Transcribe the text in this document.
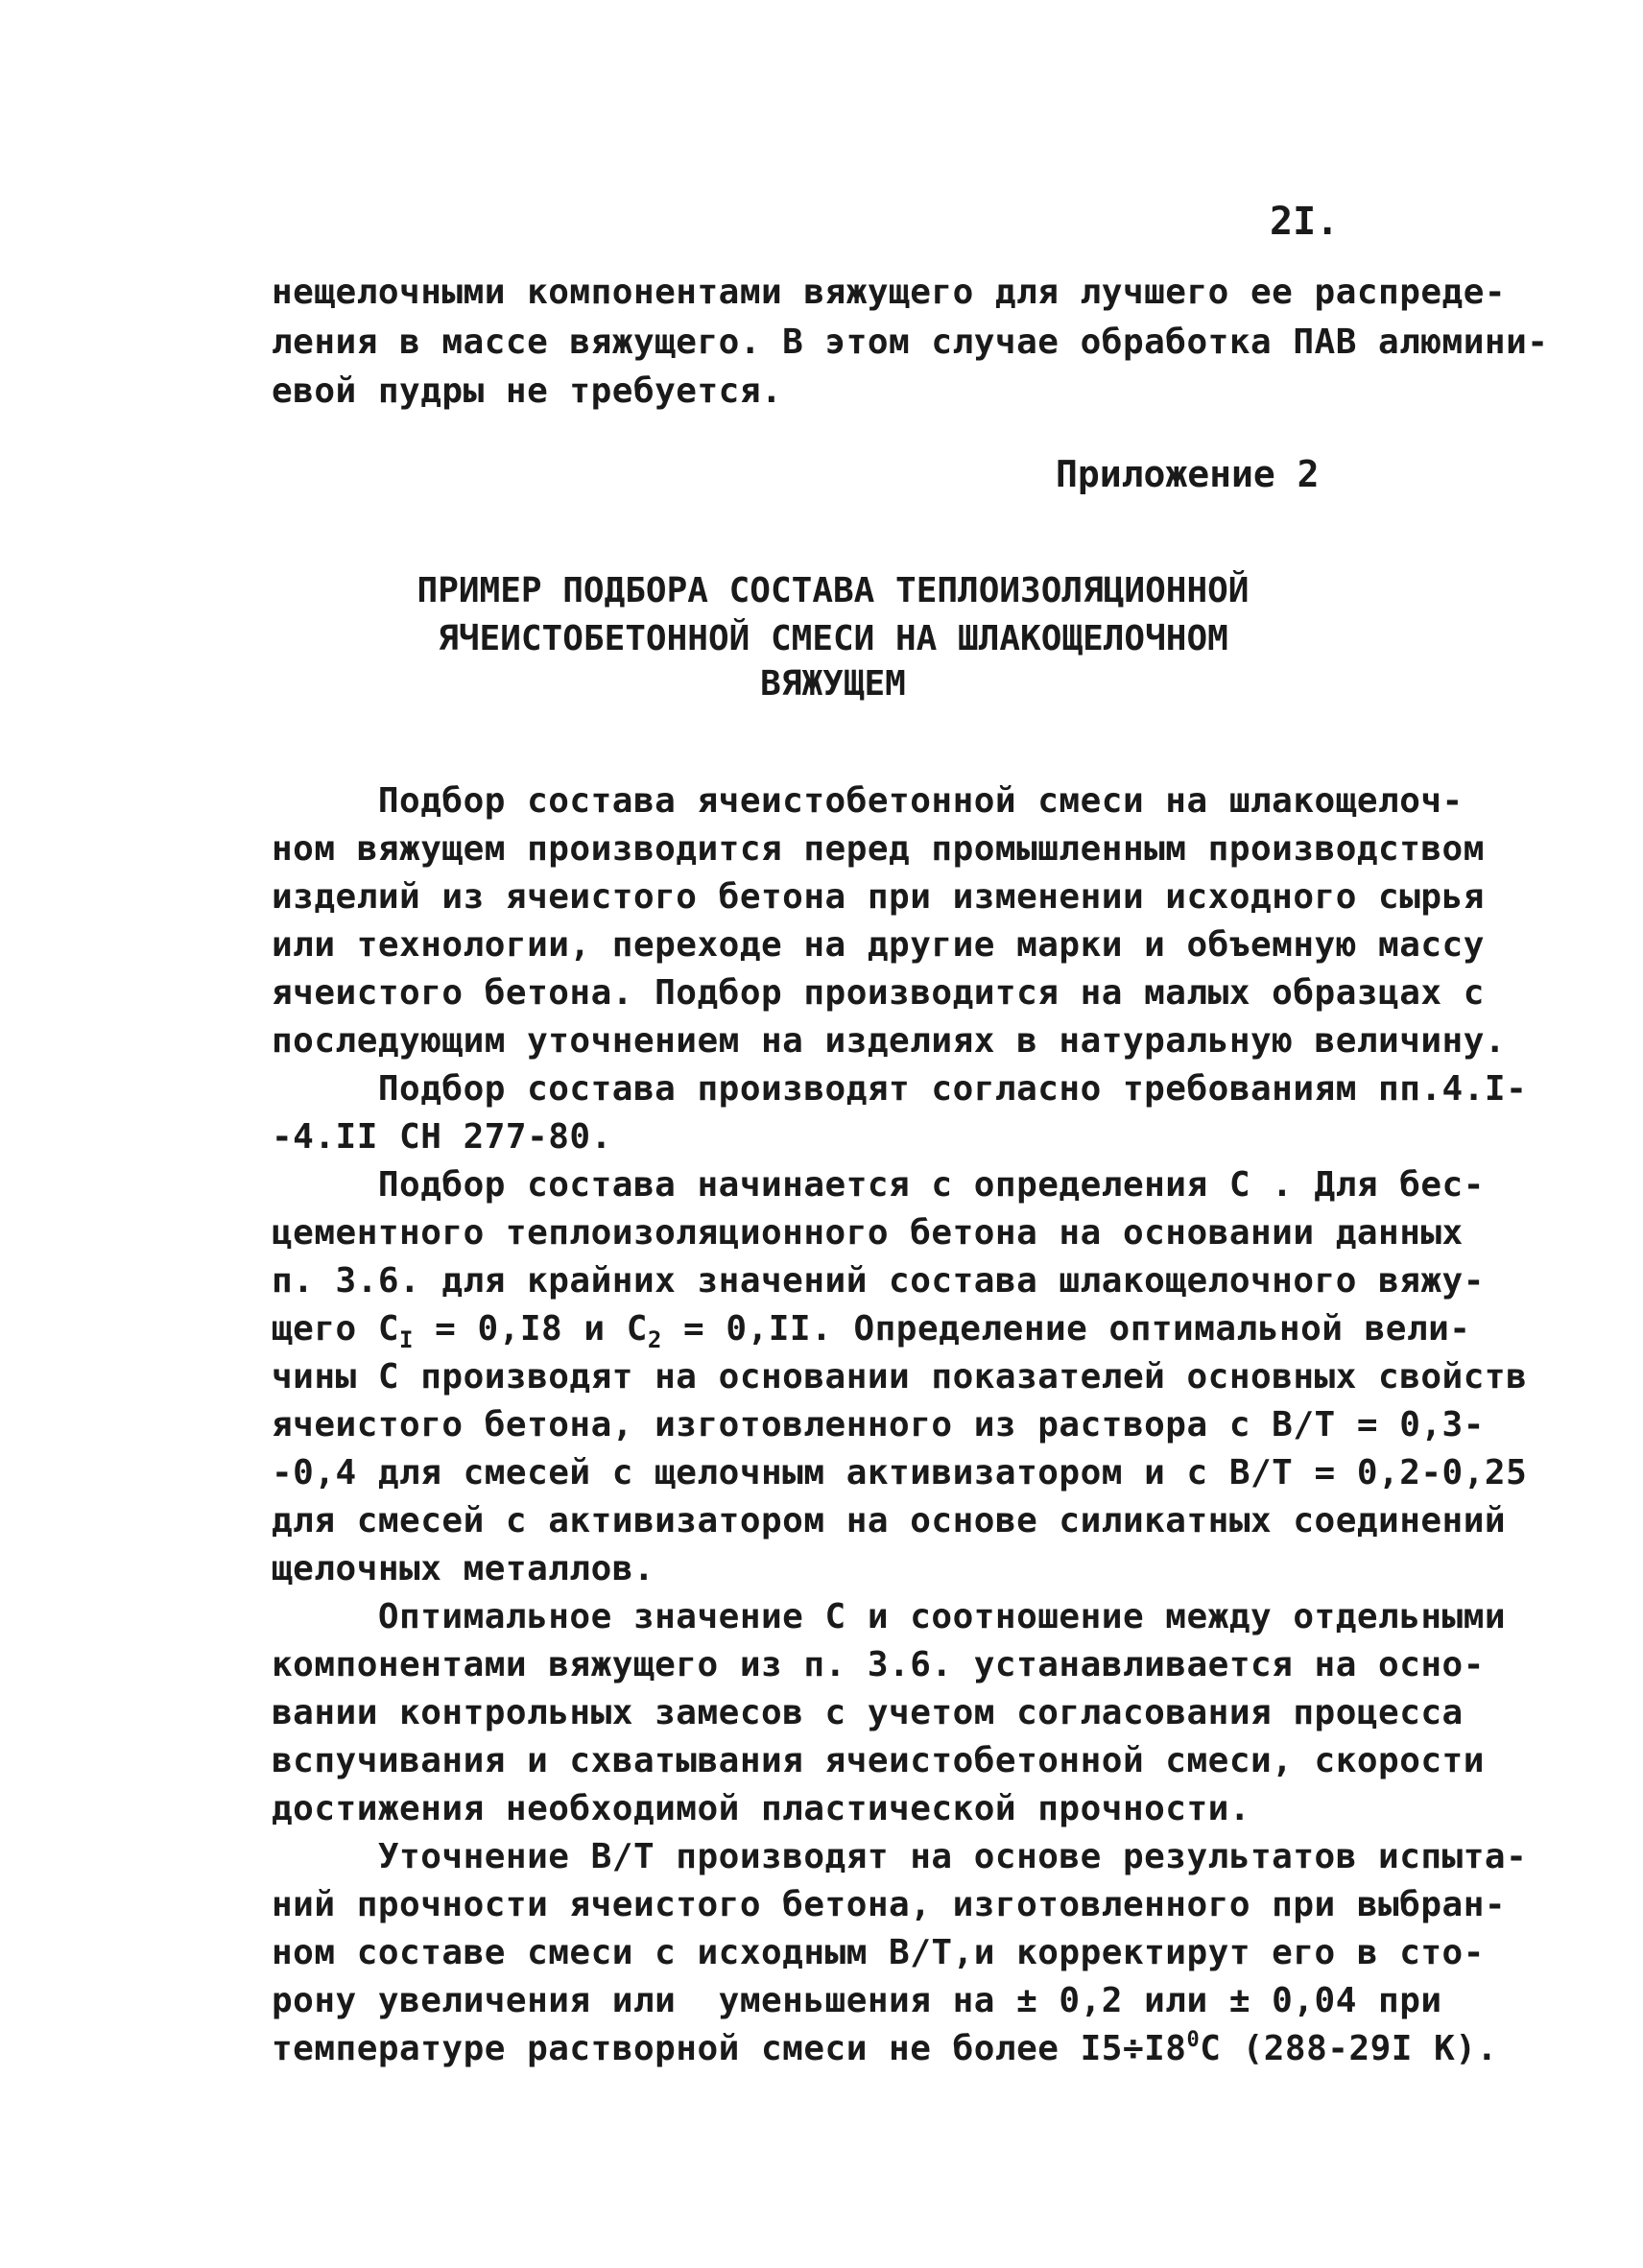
2I.
нещелочными компонентами вяжущего для лучшего ее распреде-
ления в массе вяжущего. В этом случае обработка ПАВ алюмини-
евой пудры не требуется.
Приложение 2
ПРИМЕР ПОДБОРА СОСТАВА ТЕПЛОИЗОЛЯЦИОННОЙ
ЯЧЕИСТОБЕТОННОЙ СМЕСИ НА ШЛАКОЩЕЛОЧНОМ
ВЯЖУЩЕМ
Подбор состава ячеистобетонной смеси на шлакощелоч-
ном вяжущем производится перед промышленным производством
изделий из ячеистого бетона при изменении исходного сырья
или технологии, переходе на другие марки и объемную массу
ячеистого бетона. Подбор производится на малых образцах с
последующим уточнением на изделиях в натуральную величину.
Подбор состава производят согласно требованиям пп.4.I-
-4.II СН 277-80.
Подбор состава начинается с определения С . Для бес-
цементного теплоизоляционного бетона на основании данных
п. 3.6. для крайних значений состава шлакощелочного вяжу-
щего $С_I = 0,I8$ и $С_2 = 0,II$. Определение оптимальной вели-
чины С производят на основании показателей основных свойств
ячеистого бетона, изготовленного из раствора с В/Т = 0,3-
-0,4 для смесей с щелочным активизатором и с В/Т = 0,2-0,25
для смесей с активизатором на основе силикатных соединений
щелочных металлов.
Оптимальное значение С и соотношение между отдельными
компонентами вяжущего из п. 3.6. устанавливается на осно-
вании контрольных замесов с учетом согласования процесса
вспучивания и схватывания ячеистобетонной смеси, скорости
достижения необходимой пластической прочности.
Уточнение В/Т производят на основе результатов испыта-
ний прочности ячеистого бетона, изготовленного при выбран-
ном составе смеси с исходным В/Т,и корректирут его в сто-
рону увеличения или  уменьшения на ± 0,2 или ± 0,04 при
температуре растворной смеси не более $I5\div I8^0С$ (288-29I К).
